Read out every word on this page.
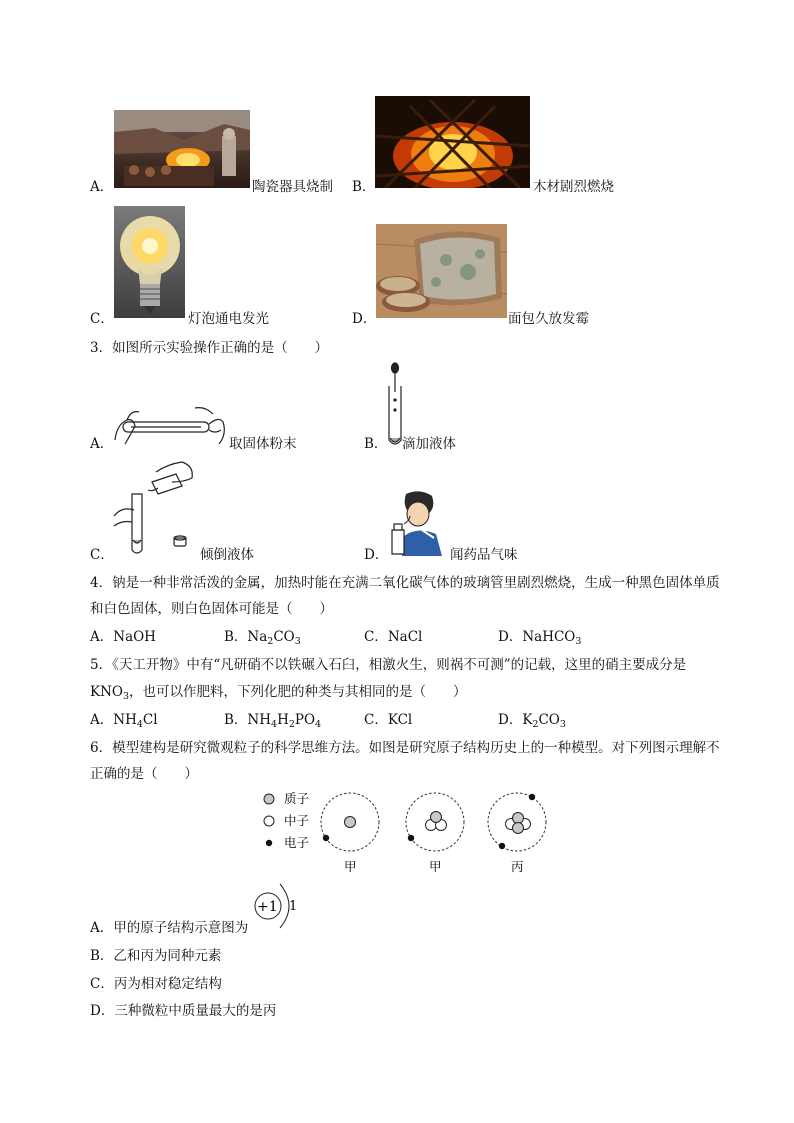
A．	陶瓷器具烧制 B．	木材剧烈燃烧
C．	灯泡通电发光	D．	面包久放发霉
3．如图所示实验操作正确的是（　　）
A．	取固体粉末	B． 滴加液体
C．	倾倒液体	D．	闻药品气味
4．钠是一种非常活泼的金属，加热时能在充满二氧化碳气体的玻璃管里剧烈燃烧，生成一种黑色固体单质
和白色固体，则白色固体可能是（　　）
A．NaOH	B．$Na_2CO_3$	C．NaCl	D．NaHCO$_3$
5．《天工开物》中有“凡研硝不以铁碾入石臼，相激火生，则祸不可测”的记载，这里的硝主要成分是
$KNO_3$，也可以作肥料，下列化肥的种类与其相同的是（　　）
A．$NH_4Cl$	B．$NH_4H_2PO_4$	C．KCl	D．$K_2CO_3$
6．模型建构是研究微观粒子的科学思维方法。如图是研究原子结构历史上的一种模型。对下列图示理解不
正确的是（　　）
质子
中子
电子
甲	甲	丙
A．甲的原子结构示意图为
+1 1
B．乙和丙为同种元素
C．丙为相对稳定结构
D．三种微粒中质量最大的是丙
